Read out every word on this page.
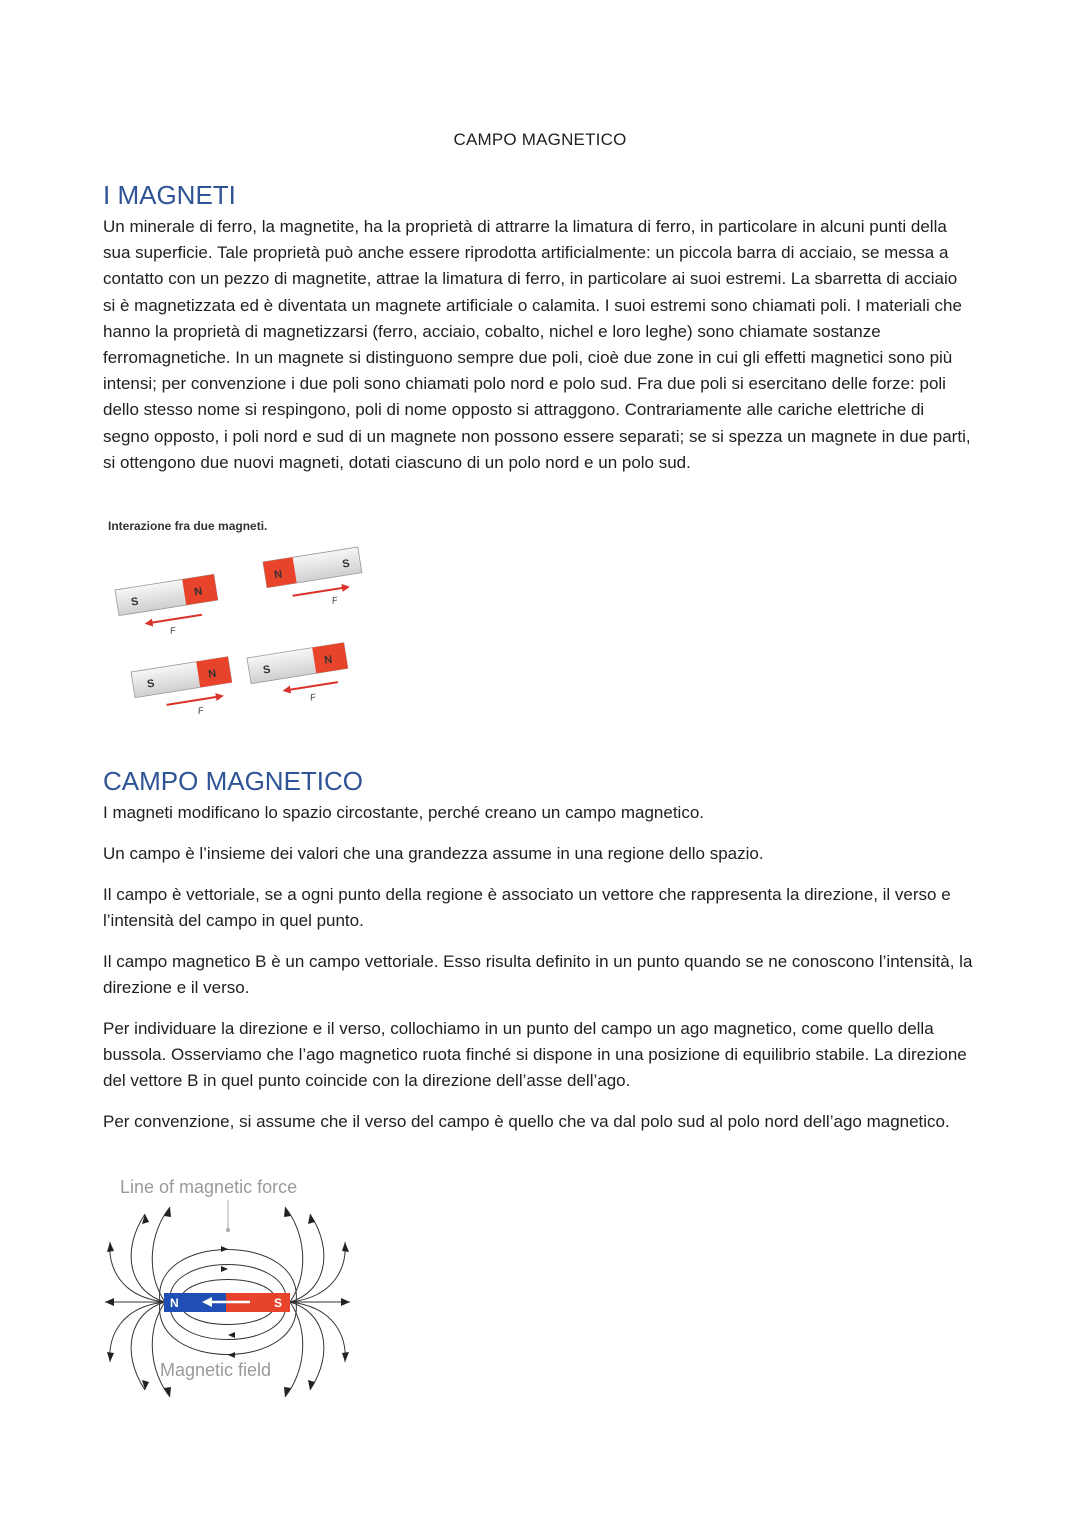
CAMPO MAGNETICO
I MAGNETI

Un minerale di ferro, la magnetite, ha la proprietà di attrarre la limatura di ferro, in particolare in alcuni punti della sua superficie. Tale proprietà può anche essere riprodotta artificialmente: un piccola barra di acciaio, se messa a contatto con un pezzo di magnetite, attrae la limatura di ferro, in particolare ai suoi estremi. La sbarretta di acciaio si è magnetizzata ed è diventata un magnete artificiale o calamita. I suoi estremi sono chiamati poli. I materiali che hanno la proprietà di magnetizzarsi (ferro, acciaio, cobalto, nichel e loro leghe) sono chiamate sostanze ferromagnetiche. In un magnete si distinguono sempre due poli, cioè due zone in cui gli effetti magnetici sono più intensi; per convenzione i due poli sono chiamati polo nord e polo sud. Fra due poli si esercitano delle forze: poli dello stesso nome si respingono, poli di nome opposto si attraggono. Contrariamente alle cariche elettriche di segno opposto, i poli nord e sud di un magnete non possono essere separati; se si spezza un magnete in due parti, si ottengono due nuovi magneti, dotati ciascuno di un polo nord e un polo sud.

Interazione fra due magneti.
S
N
F
N
S
F
S
N
F
S
N
F
CAMPO MAGNETICO

I magneti modificano lo spazio circostante, perché creano un campo magnetico.

Un campo è l’insieme dei valori che una grandezza assume in una regione dello spazio.

Il campo è vettoriale, se a ogni punto della regione è associato un vettore che rappresenta la direzione, il verso e l’intensità del campo in quel punto.

Il campo magnetico B è un campo vettoriale. Esso risulta definito in un punto quando se ne conoscono l’intensità, la direzione e il verso.

Per individuare la direzione e il verso, collochiamo in un punto del campo un ago magnetico, come quello della bussola. Osserviamo che l’ago magnetico ruota finché si dispone in una posizione di equilibrio stabile. La direzione del vettore B in quel punto coincide con la direzione dell’asse dell’ago.

Per convenzione, si assume che il verso del campo è quello che va dal polo sud al polo nord dell’ago magnetico.

Line of magnetic force
N	S
Magnetic field
